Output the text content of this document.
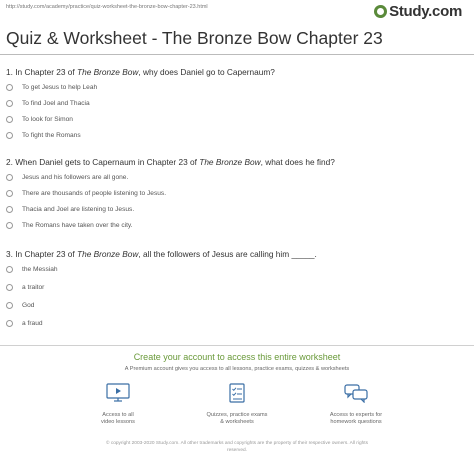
http://study.com/academy/practice/quiz-worksheet-the-bronze-bow-chapter-23.html	Study.com
Quiz & Worksheet - The Bronze Bow Chapter 23
1. In Chapter 23 of The Bronze Bow, why does Daniel go to Capernaum?
To get Jesus to help Leah
To find Joel and Thacia
To look for Simon
To fight the Romans
2. When Daniel gets to Capernaum in Chapter 23 of The Bronze Bow, what does he find?
Jesus and his followers are all gone.
There are thousands of people listening to Jesus.
Thacia and Joel are listening to Jesus.
The Romans have taken over the city.
3. In Chapter 23 of The Bronze Bow, all the followers of Jesus are calling him _____.
the Messiah
a traitor
God
a fraud
Create your account to access this entire worksheet
A Premium account gives you access to all lessons, practice exams, quizzes & worksheets
Access to all
video lessons
Quizzes, practice exams
& worksheets
Access to experts for
homework questions
© copyright 2003-2020 Study.com. All other trademarks and copyrights are the property of their respective owners. All rights
reserved.
